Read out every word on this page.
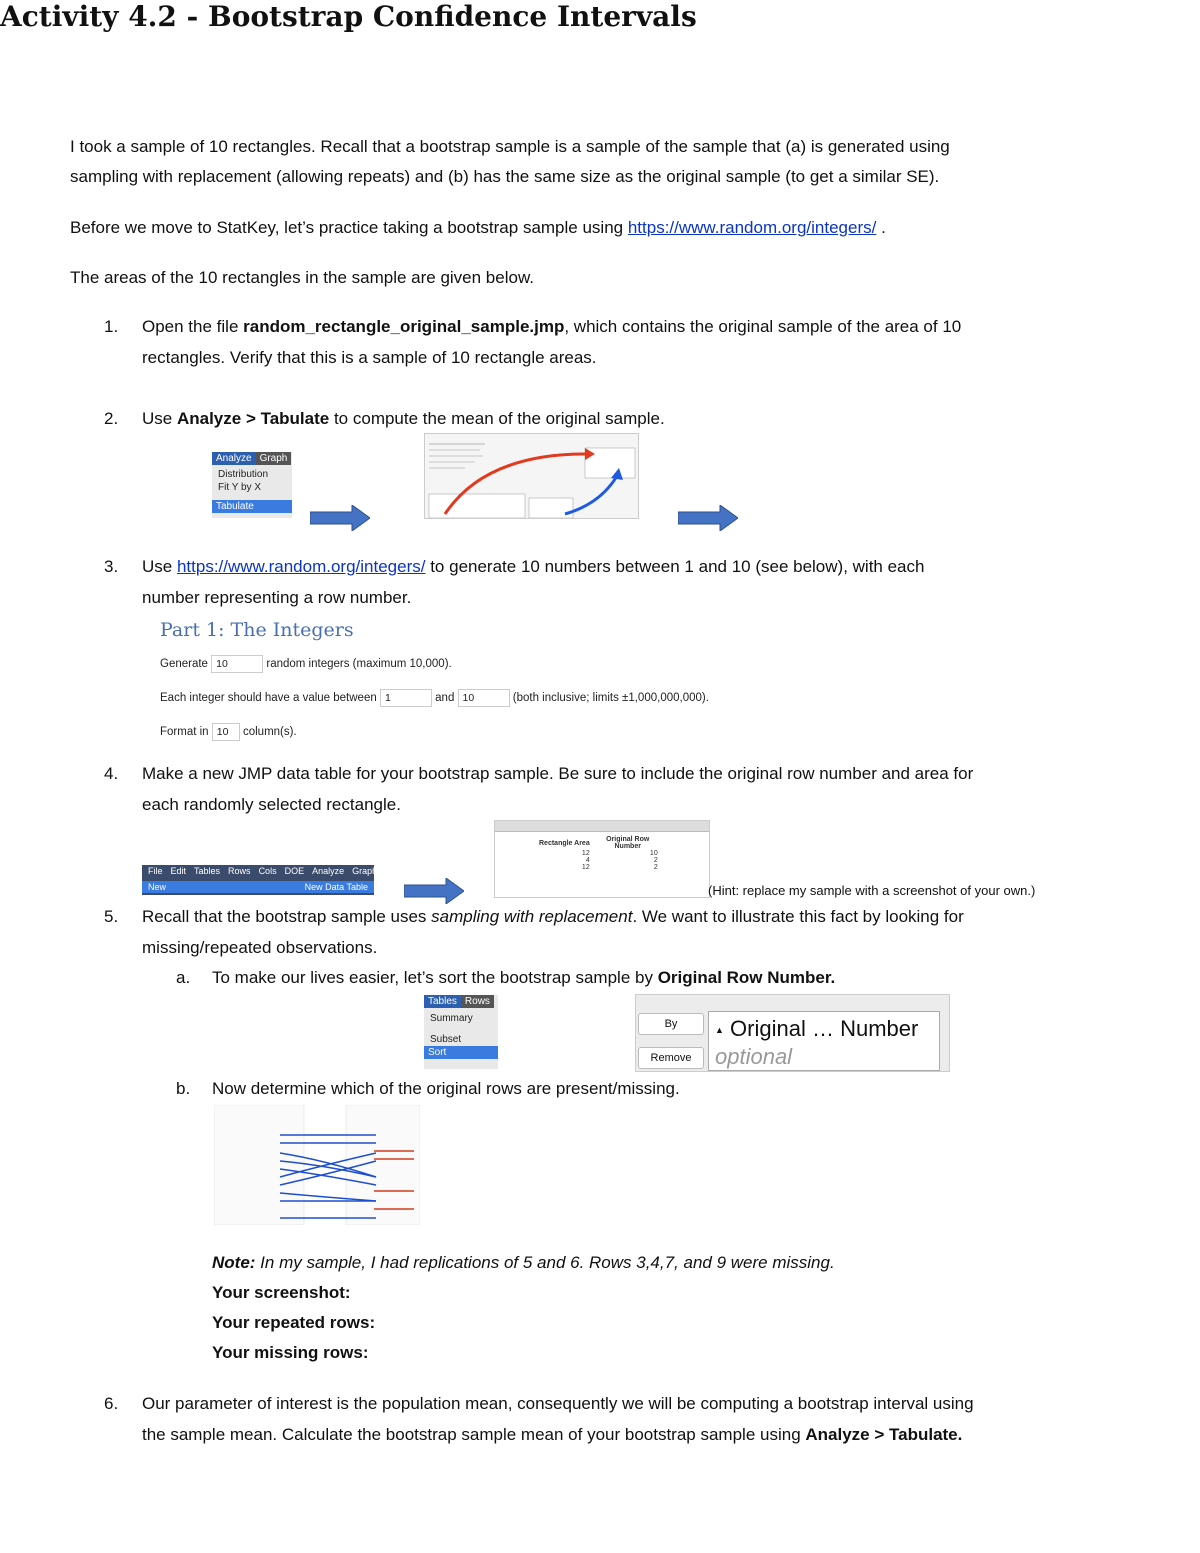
Activity 4.2 - Bootstrap Confidence Intervals
I took a sample of 10 rectangles. Recall that a bootstrap sample is a sample of the sample that (a) is generated using
sampling with replacement (allowing repeats) and (b) has the same size as the original sample (to get a similar SE).
Before we move to StatKey, let’s practice taking a bootstrap sample using https://www.random.org/integers/ .
The areas of the 10 rectangles in the sample are given below.
1. Open the file random_rectangle_original_sample.jmp, which contains the original sample of the area of 10
rectangles. Verify that this is a sample of 10 rectangle areas.
2. Use Analyze > Tabulate to compute the mean of the original sample.
Analyze Graph
Distribution
Fit Y by X
Tabulate
3. Use https://www.random.org/integers/ to generate 10 numbers between 1 and 10 (see below), with each
number representing a row number.
Part 1: The Integers
Generate 10	random integers (maximum 10,000).
Each integer should have a value between 1	and 10	(both inclusive; limits ±1,000,000,000).
Format in 10 column(s).
4. Make a new JMP data table for your bootstrap sample. Be sure to include the original row number and area for
each randomly selected rectangle.
File Edit Tables Rows Cols DOE Analyze Graph
New	New Data Table
Rectangle Area	Original Row Number
12	10
4	2
12	2
(Hint: replace my sample with a screenshot of your own.)
5. Recall that the bootstrap sample uses sampling with replacement. We want to illustrate this fact by looking for
missing/repeated observations.
a. To make our lives easier, let’s sort the bootstrap sample by Original Row Number.
Tables Rows
Summary
Subset
Sort
By
Remove
▲ Original … Number
optional
b. Now determine which of the original rows are present/missing.
Note: In my sample, I had replications of 5 and 6. Rows 3,4,7, and 9 were missing.
Your screenshot:
Your repeated rows:
Your missing rows:
6. Our parameter of interest is the population mean, consequently we will be computing a bootstrap interval using
the sample mean. Calculate the bootstrap sample mean of your bootstrap sample using Analyze > Tabulate.
